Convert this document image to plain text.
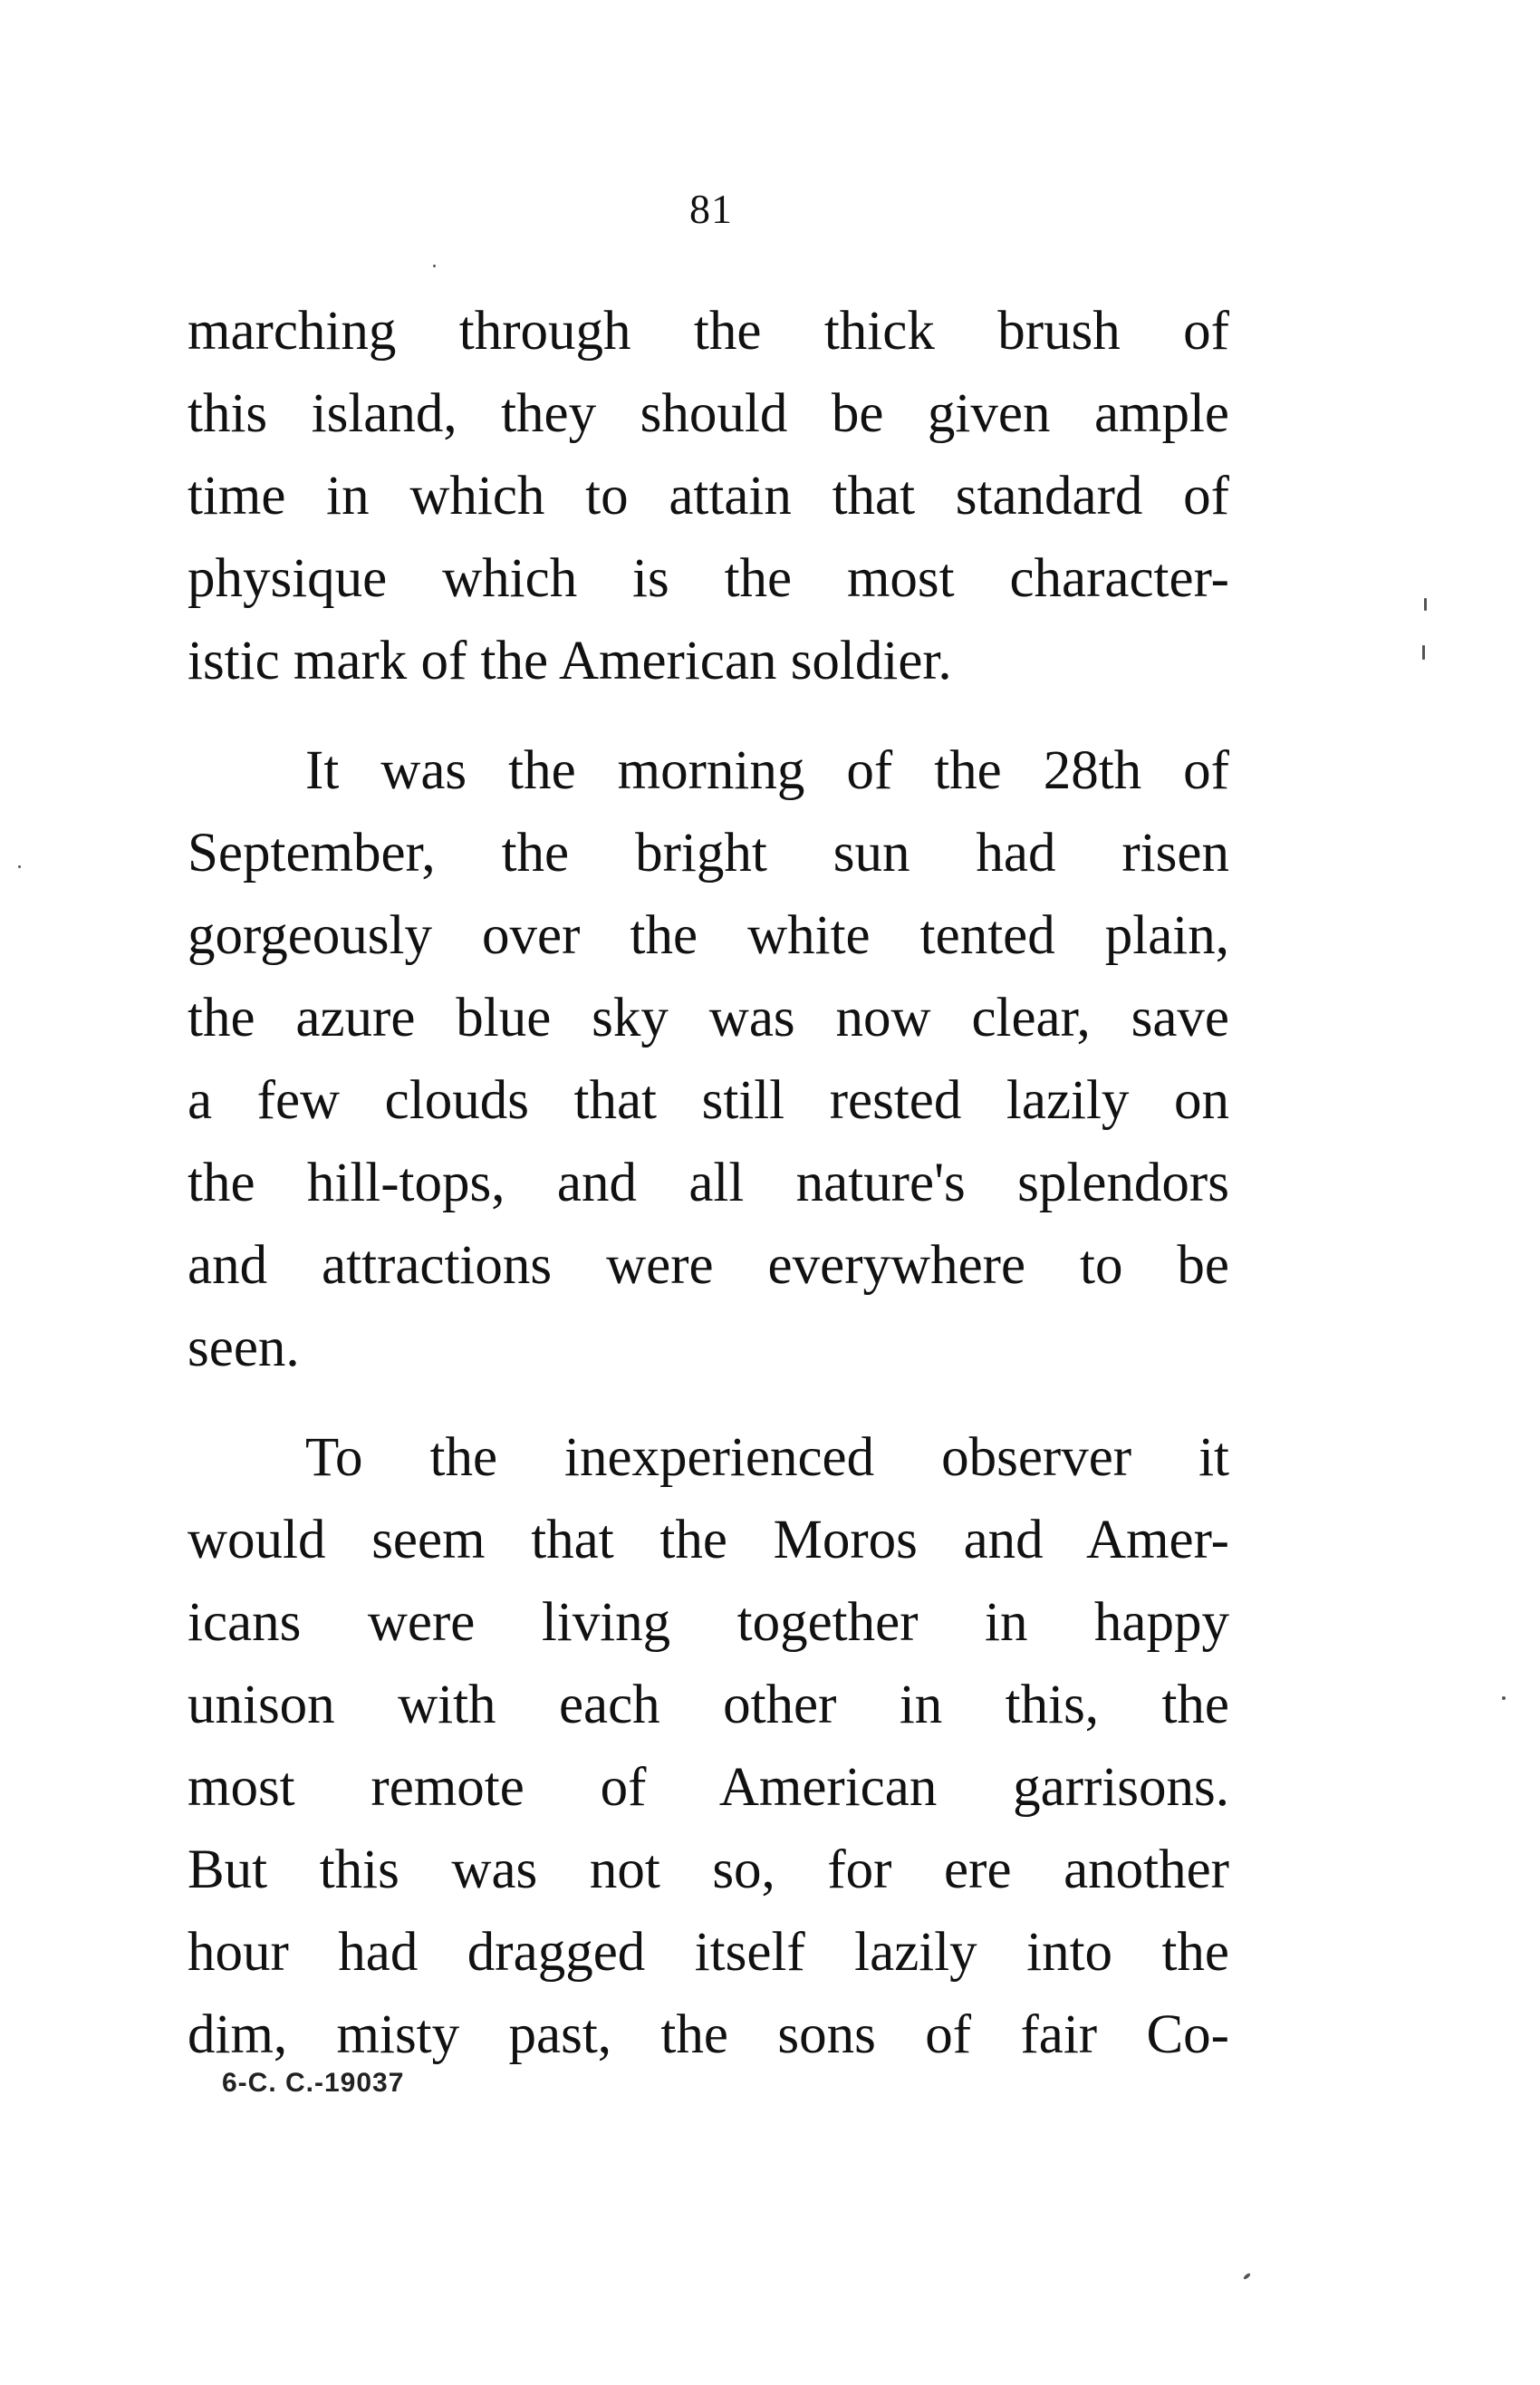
81

marching through the thick brush of
this island, they should be given ample
time in which to attain that standard of
physique which is the most character-
istic mark of the American soldier.

It was the morning of the 28th of
September, the bright sun had risen
gorgeously over the white tented plain,
the azure blue sky was now clear, save
a few clouds that still rested lazily on
the hill-tops, and all nature's splendors
and attractions were everywhere to be
seen.

To the inexperienced observer it
would seem that the Moros and Amer-
icans were living together in happy
unison with each other in this, the
most remote of American garrisons.
But this was not so, for ere another
hour had dragged itself lazily into the
dim, misty past, the sons of fair Co-

6-C. C.-19037
